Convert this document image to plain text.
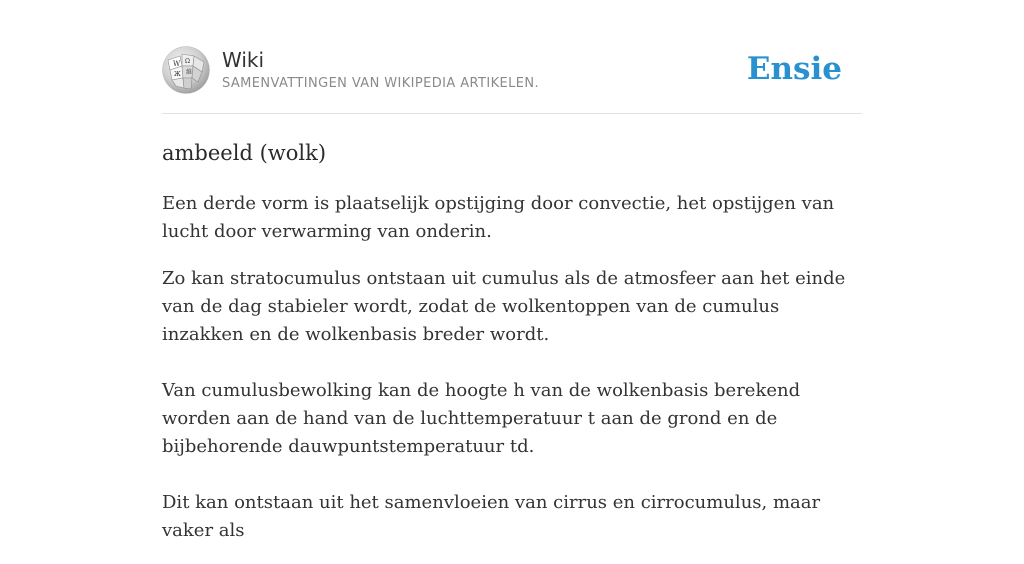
W Ω
Ж 維
Wiki
SAMENVATTINGEN VAN WIKIPEDIA ARTIKELEN.	Ensie
ambeeld (wolk)

Een derde vorm is plaatselijk opstijging door convectie, het opstijgen van lucht door verwarming van onderin.

Zo kan stratocumulus ontstaan uit cumulus als de atmosfeer aan het einde van de dag stabieler wordt, zodat de wolkentoppen van de cumulus inzakken en de wolkenbasis breder wordt.

Van cumulusbewolking kan de hoogte h van de wolkenbasis berekend worden aan de hand van de luchttemperatuur t aan de grond en de bijbehorende dauwpuntstemperatuur td.

Dit kan ontstaan uit het samenvloeien van cirrus en cirrocumulus, maar vaker als
